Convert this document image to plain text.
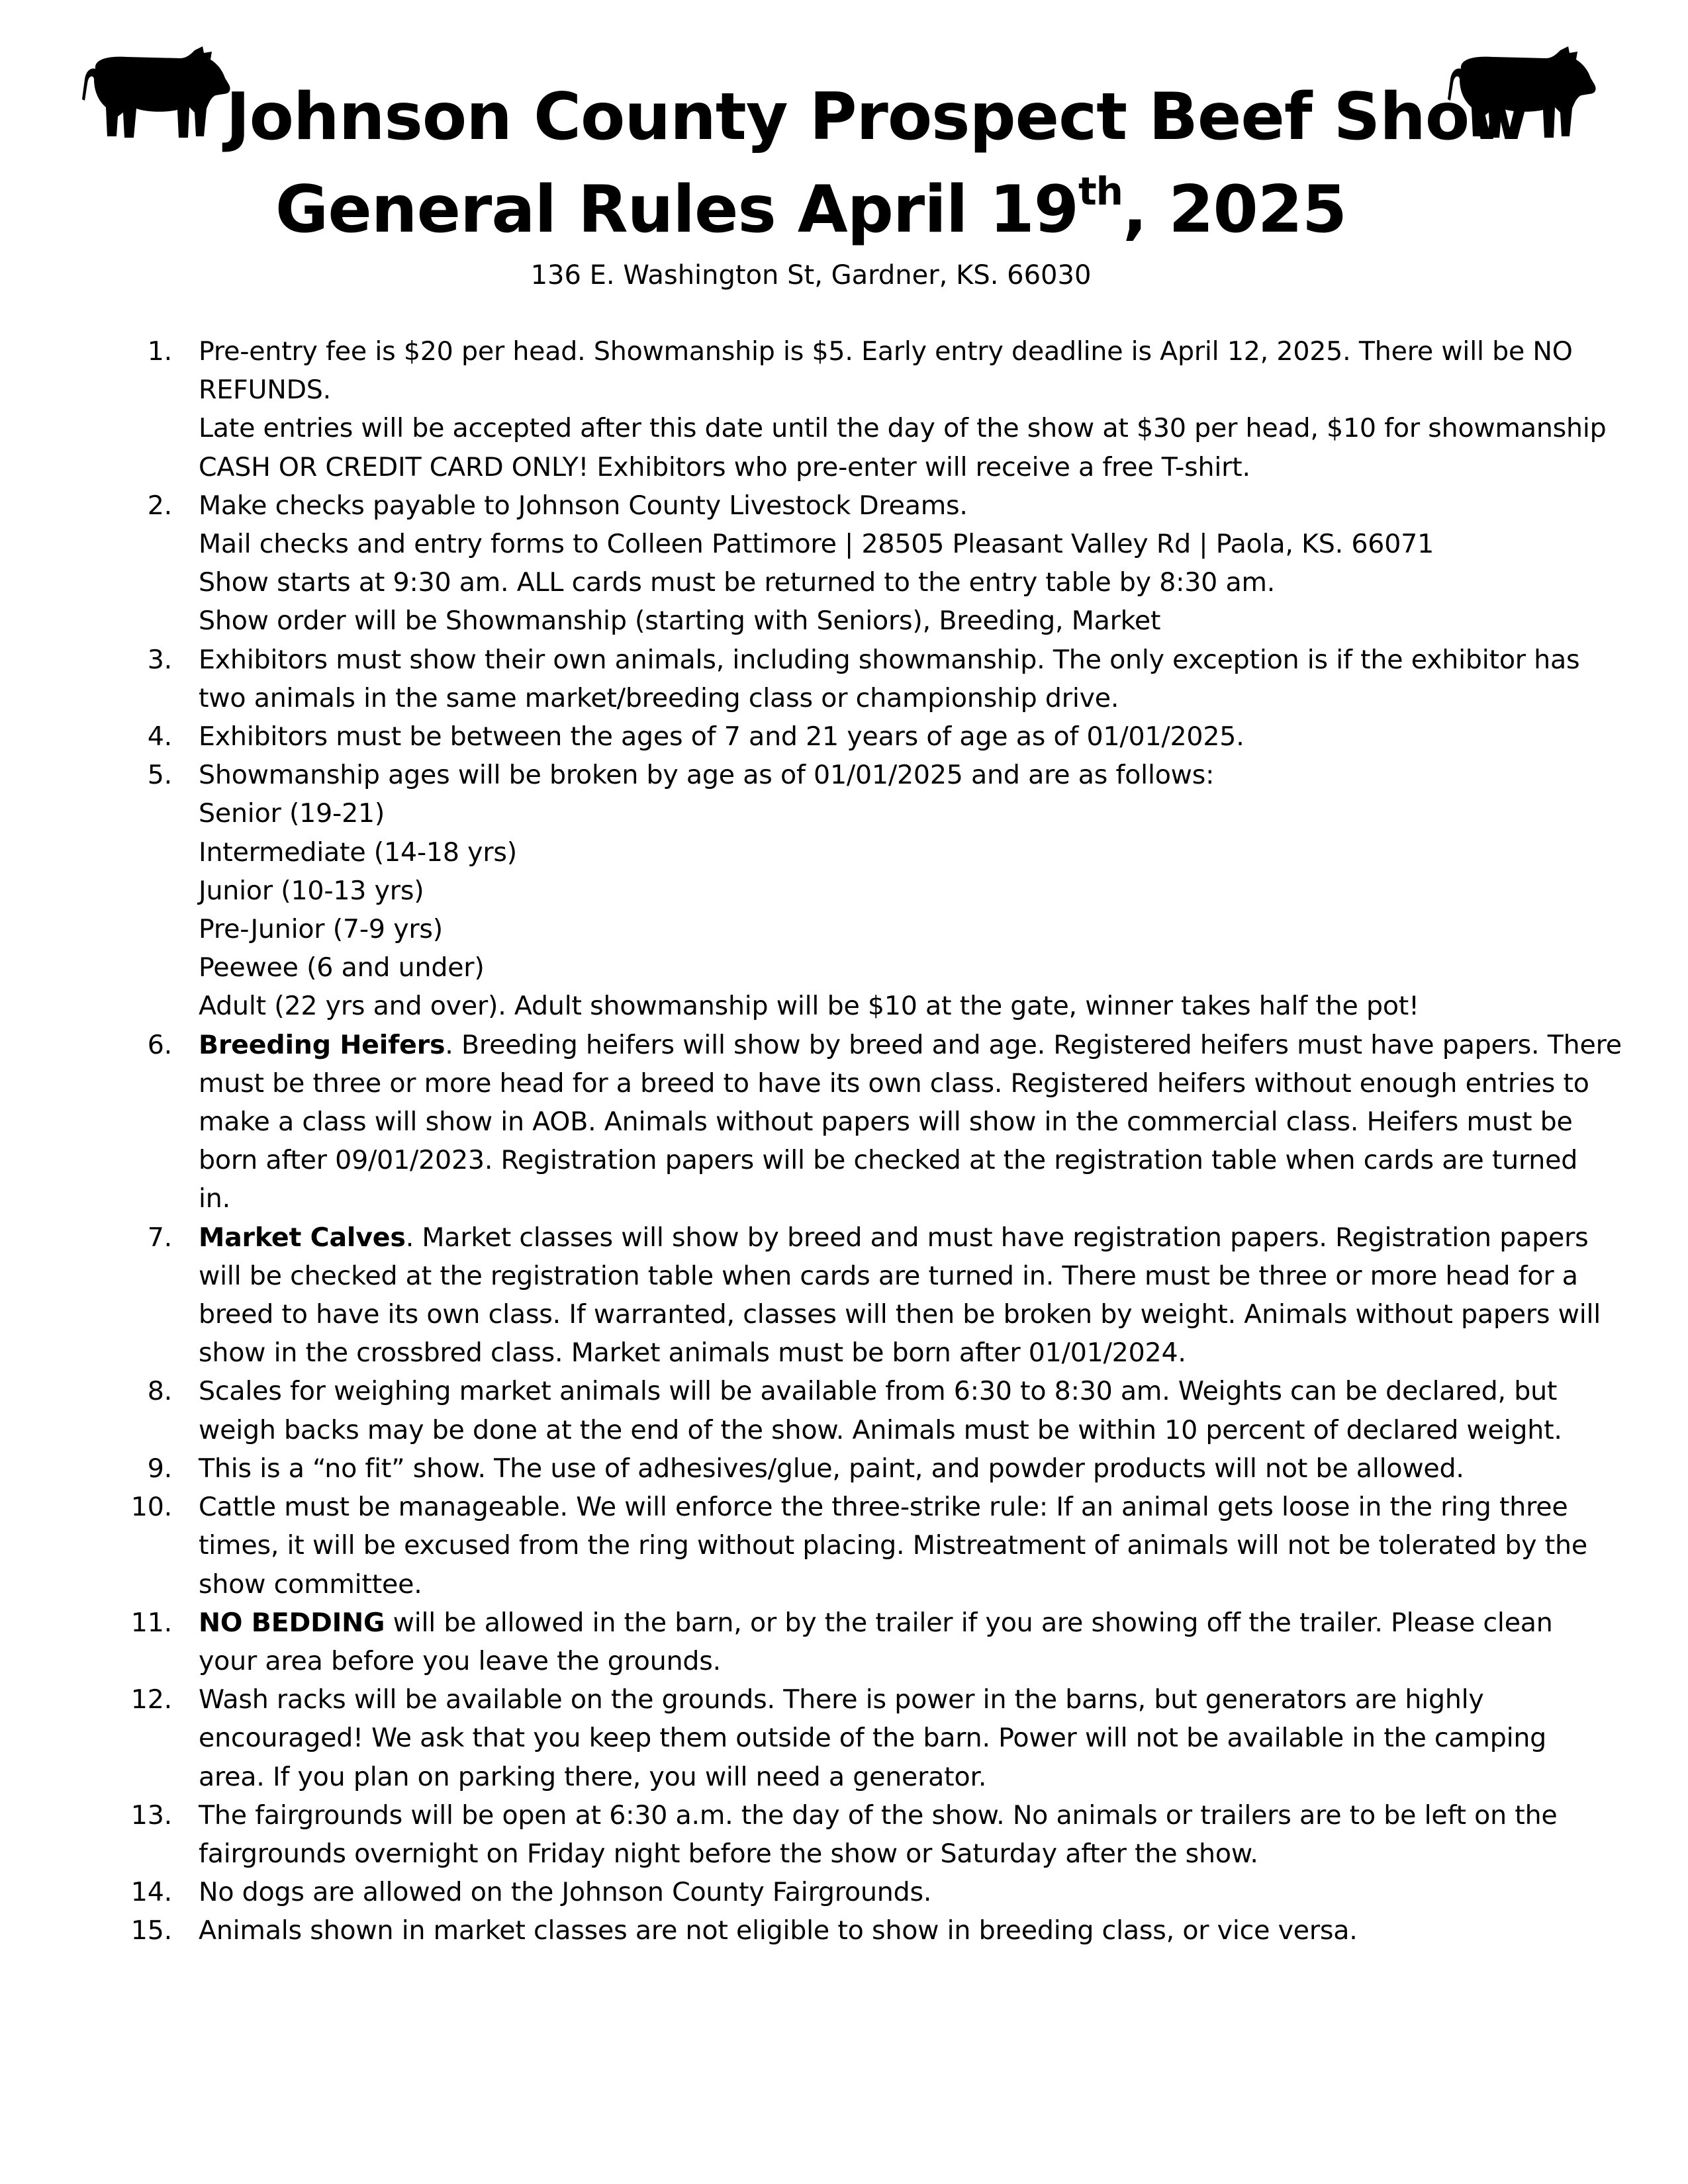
Johnson County Prospect Beef Show
General Rules April 19th, 2025
136 E. Washington St, Gardner, KS. 66030
1. Pre-entry fee is $20 per head. Showmanship is $5. Early entry deadline is April 12, 2025. There will be NO
REFUNDS.
Late entries will be accepted after this date until the day of the show at $30 per head, $10 for showmanship
CASH OR CREDIT CARD ONLY! Exhibitors who pre-enter will receive a free T-shirt.
2. Make checks payable to Johnson County Livestock Dreams.
Mail checks and entry forms to Colleen Pattimore | 28505 Pleasant Valley Rd | Paola, KS. 66071
Show starts at 9:30 am. ALL cards must be returned to the entry table by 8:30 am.
Show order will be Showmanship (starting with Seniors), Breeding, Market
3. Exhibitors must show their own animals, including showmanship. The only exception is if the exhibitor has
two animals in the same market/breeding class or championship drive.
4. Exhibitors must be between the ages of 7 and 21 years of age as of 01/01/2025.
5. Showmanship ages will be broken by age as of 01/01/2025 and are as follows:
Senior (19-21)
Intermediate (14-18 yrs)
Junior (10-13 yrs)
Pre-Junior (7-9 yrs)
Peewee (6 and under)
Adult (22 yrs and over). Adult showmanship will be $10 at the gate, winner takes half the pot!
6. Breeding Heifers. Breeding heifers will show by breed and age. Registered heifers must have papers. There
must be three or more head for a breed to have its own class. Registered heifers without enough entries to
make a class will show in AOB. Animals without papers will show in the commercial class. Heifers must be
born after 09/01/2023. Registration papers will be checked at the registration table when cards are turned
in.
7. Market Calves. Market classes will show by breed and must have registration papers. Registration papers
will be checked at the registration table when cards are turned in. There must be three or more head for a
breed to have its own class. If warranted, classes will then be broken by weight. Animals without papers will
show in the crossbred class. Market animals must be born after 01/01/2024.
8. Scales for weighing market animals will be available from 6:30 to 8:30 am. Weights can be declared, but
weigh backs may be done at the end of the show. Animals must be within 10 percent of declared weight.
9. This is a “no fit” show. The use of adhesives/glue, paint, and powder products will not be allowed.
10. Cattle must be manageable. We will enforce the three-strike rule: If an animal gets loose in the ring three
times, it will be excused from the ring without placing. Mistreatment of animals will not be tolerated by the
show committee.
11. NO BEDDING will be allowed in the barn, or by the trailer if you are showing off the trailer. Please clean
your area before you leave the grounds.
12. Wash racks will be available on the grounds. There is power in the barns, but generators are highly
encouraged! We ask that you keep them outside of the barn. Power will not be available in the camping
area. If you plan on parking there, you will need a generator.
13. The fairgrounds will be open at 6:30 a.m. the day of the show. No animals or trailers are to be left on the
fairgrounds overnight on Friday night before the show or Saturday after the show.
14. No dogs are allowed on the Johnson County Fairgrounds.
15. Animals shown in market classes are not eligible to show in breeding class, or vice versa.
